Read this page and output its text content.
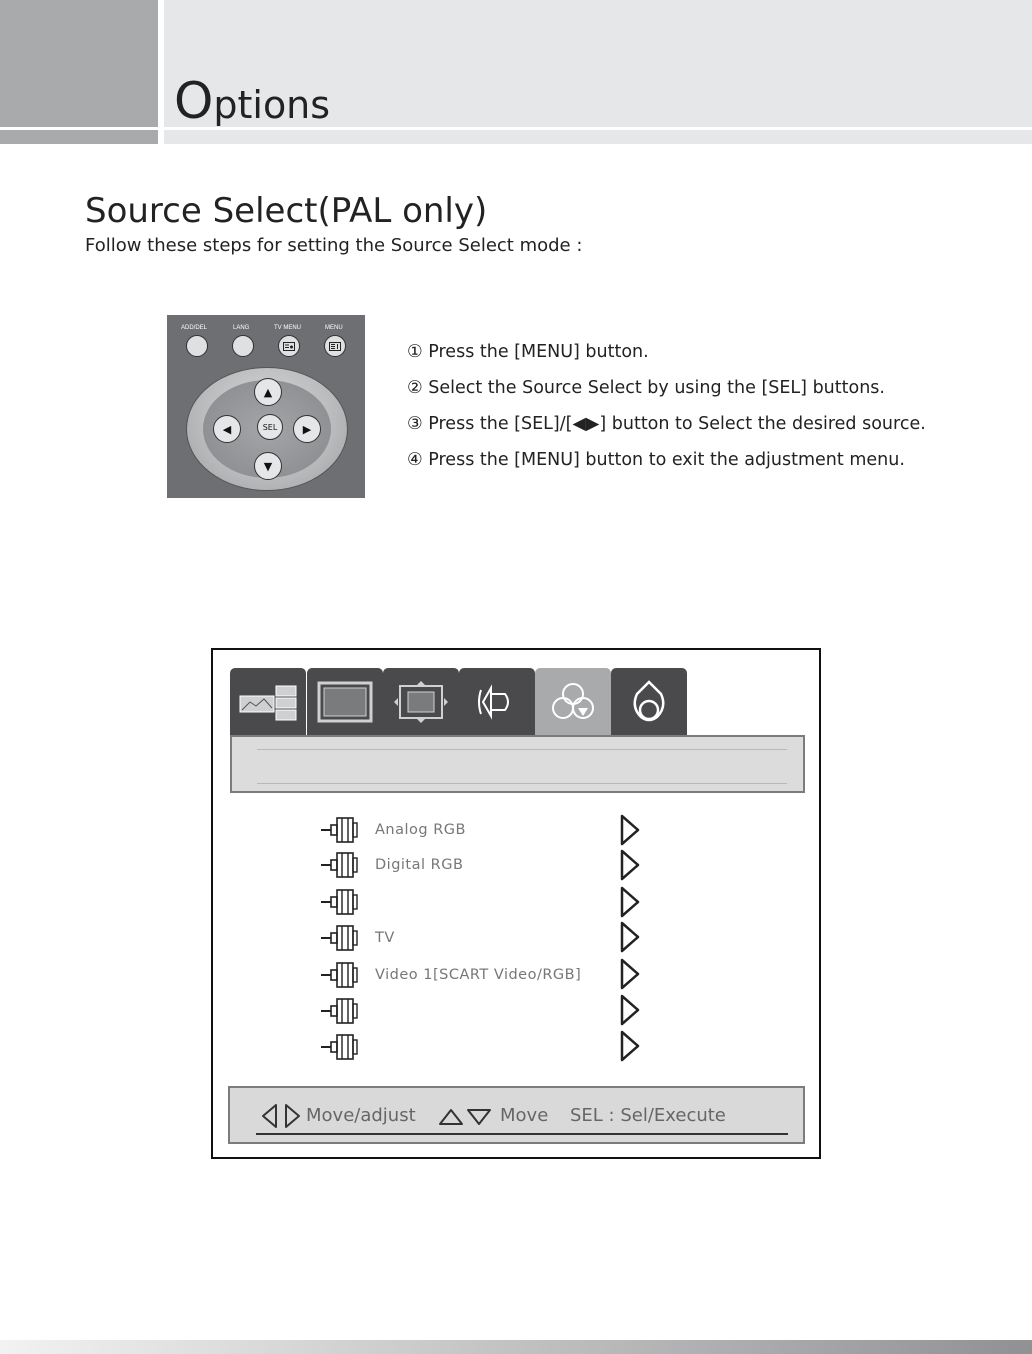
Options
Source Select(PAL only)
Follow these steps for setting the Source Select mode :
ADD/DEL	LANG	TV MENU	MENU
▲
▼
◀	▶
SEL
① Press the [MENU] button.
② Select the Source Select by using the [SEL] buttons.
③ Press the [SEL]/[◀▶] button to Select the desired source.
④ Press the [MENU] button to exit the adjustment menu.
Analog RGB
Digital RGB
TV
Video 1[SCART Video/RGB]
Move/adjust	Move SEL : Sel/Execute
